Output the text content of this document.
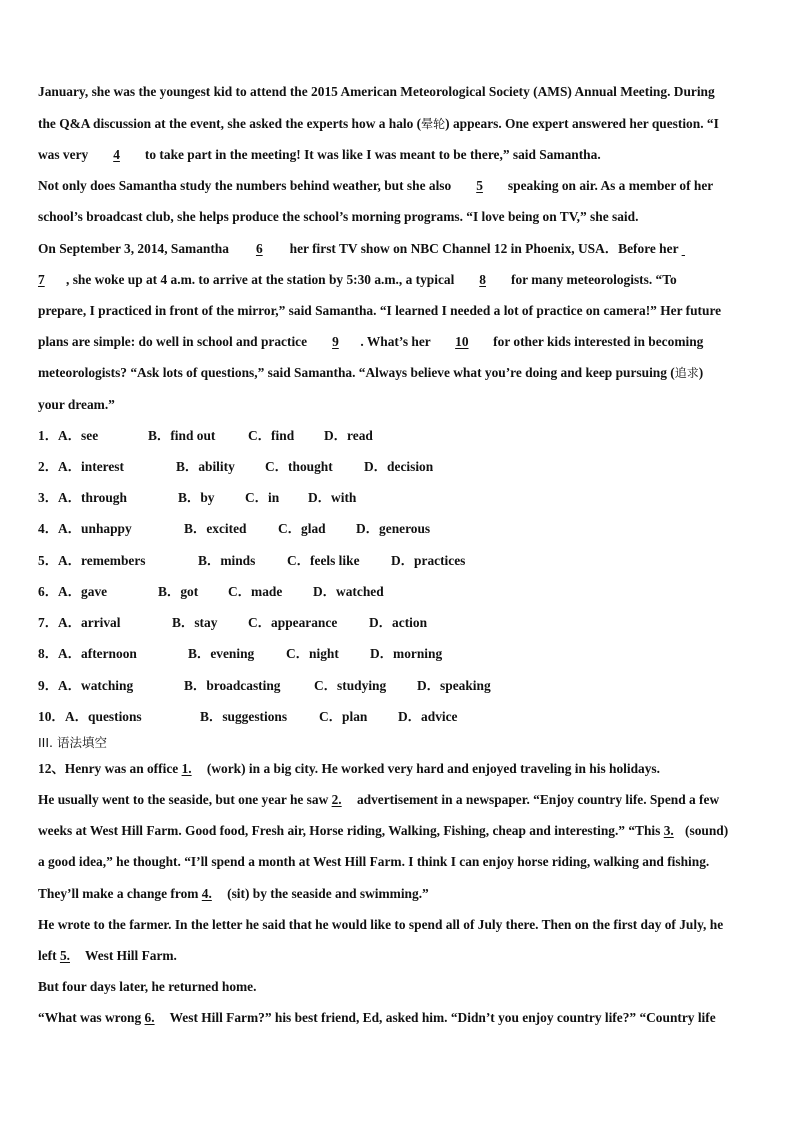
January, she was the youngest kid to attend the 2015 American Meteorological Society (AMS) Annual Meeting. During
the Q&A discussion at the event, she asked the experts how a halo (晕轮) appears. One expert answered her question. “I
was very 4 to take part in the meeting! It was like I was meant to be there,” said Samantha.
Not only does Samantha study the numbers behind weather, but she also 5 speaking on air. As a member of her
school’s broadcast club, she helps produce the school’s morning programs. “I love being on TV,” she said.
On September 3, 2014, Samantha 6 her first TV show on NBC Channel 12 in Phoenix, USA．Before her
7 , she woke up at 4 a.m. to arrive at the station by 5:30 a.m., a typical 8 for many meteorologists. “To
prepare, I practiced in front of the mirror,” said Samantha. “I learned I needed a lot of practice on camera!” Her future
plans are simple: do well in school and practice 9 . What’s her 10 for other kids interested in becoming
meteorologists? “Ask lots of questions,” said Samantha. “Always believe what you’re doing and keep pursuing (追求)
your dream.”
1． A．see	B．find out C．find D．read
2． A．interest	B．ability C．thought D．decision
3． A．through	B．by C．in D．with
4． A．unhappy	B．excited C．glad D．generous
5． A．remembers	B．minds C．feels like D．practices
6． A．gave	B．got C．made D．watched
7． A．arrival	B．stay C．appearance D．action
8． A．afternoon	B．evening C．night D．morning
9． A．watching	B．broadcasting	C．studying D．speaking
10． A．questions	B．suggestions C．plan D．advice
III. 语法填空
12、Henry was an office 1. (work) in a big city. He worked very hard and enjoyed traveling in his holidays.
He usually went to the seaside, but one year he saw 2. advertisement in a newspaper. “Enjoy country life. Spend a few
weeks at West Hill Farm. Good food, Fresh air, Horse riding, Walking, Fishing, cheap and interesting.” “This 3. (sound)
a good idea,” he thought. “I’ll spend a month at West Hill Farm. I think I can enjoy horse riding, walking and fishing.
They’ll make a change from 4. (sit) by the seaside and swimming.”
He wrote to the farmer. In the letter he said that he would like to spend all of July there. Then on the first day of July, he
left 5. West Hill Farm.
But four days later, he returned home.
“What was wrong 6. West Hill Farm?” his best friend, Ed, asked him. “Didn’t you enjoy country life?” “Country life
